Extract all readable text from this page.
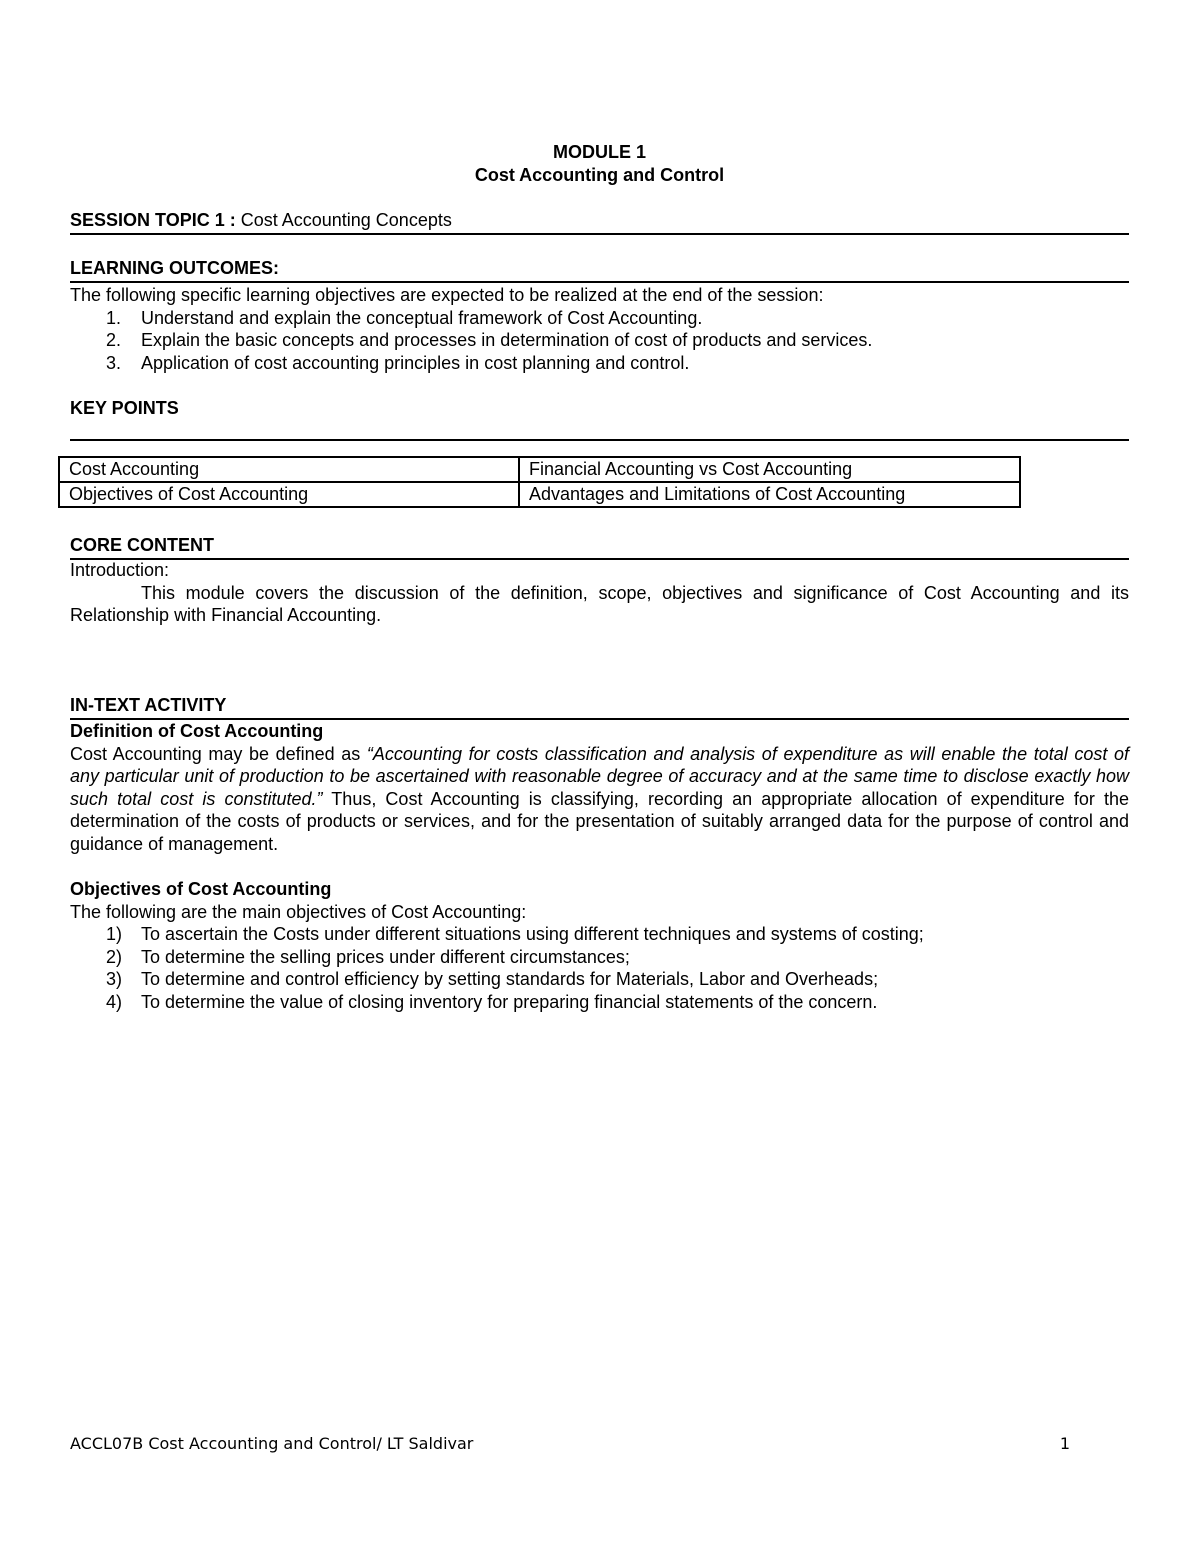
MODULE 1
Cost Accounting and Control
SESSION TOPIC 1 : Cost Accounting Concepts
LEARNING OUTCOMES:
The following specific learning objectives are expected to be realized at the end of the session:
1. Understand and explain the conceptual framework of Cost Accounting.
2. Explain the basic concepts and processes in determination of cost of products and services.
3. Application of cost accounting principles in cost planning and control.
KEY POINTS
Cost Accounting	Financial Accounting vs Cost Accounting
Objectives of Cost Accounting	Advantages and Limitations of Cost Accounting
CORE CONTENT
Introduction:
This module covers the discussion of the definition, scope, objectives and significance of Cost Accounting and its Relationship with Financial Accounting.
IN-TEXT ACTIVITY
Definition of Cost Accounting
Cost Accounting may be defined as “Accounting for costs classification and analysis of expenditure as will enable the total cost of any particular unit of production to be ascertained with reasonable degree of accuracy and at the same time to disclose exactly how such total cost is constituted.” Thus, Cost Accounting is classifying, recording an appropriate allocation of expenditure for the determination of the costs of products or services, and for the presentation of suitably arranged data for the purpose of control and guidance of management.
Objectives of Cost Accounting
The following are the main objectives of Cost Accounting:
1) To ascertain the Costs under different situations using different techniques and systems of costing;
2) To determine the selling prices under different circumstances;
3) To determine and control efficiency by setting standards for Materials, Labor and Overheads;
4) To determine the value of closing inventory for preparing financial statements of the concern.
ACCL07B Cost Accounting and Control/ LT Saldivar	1
